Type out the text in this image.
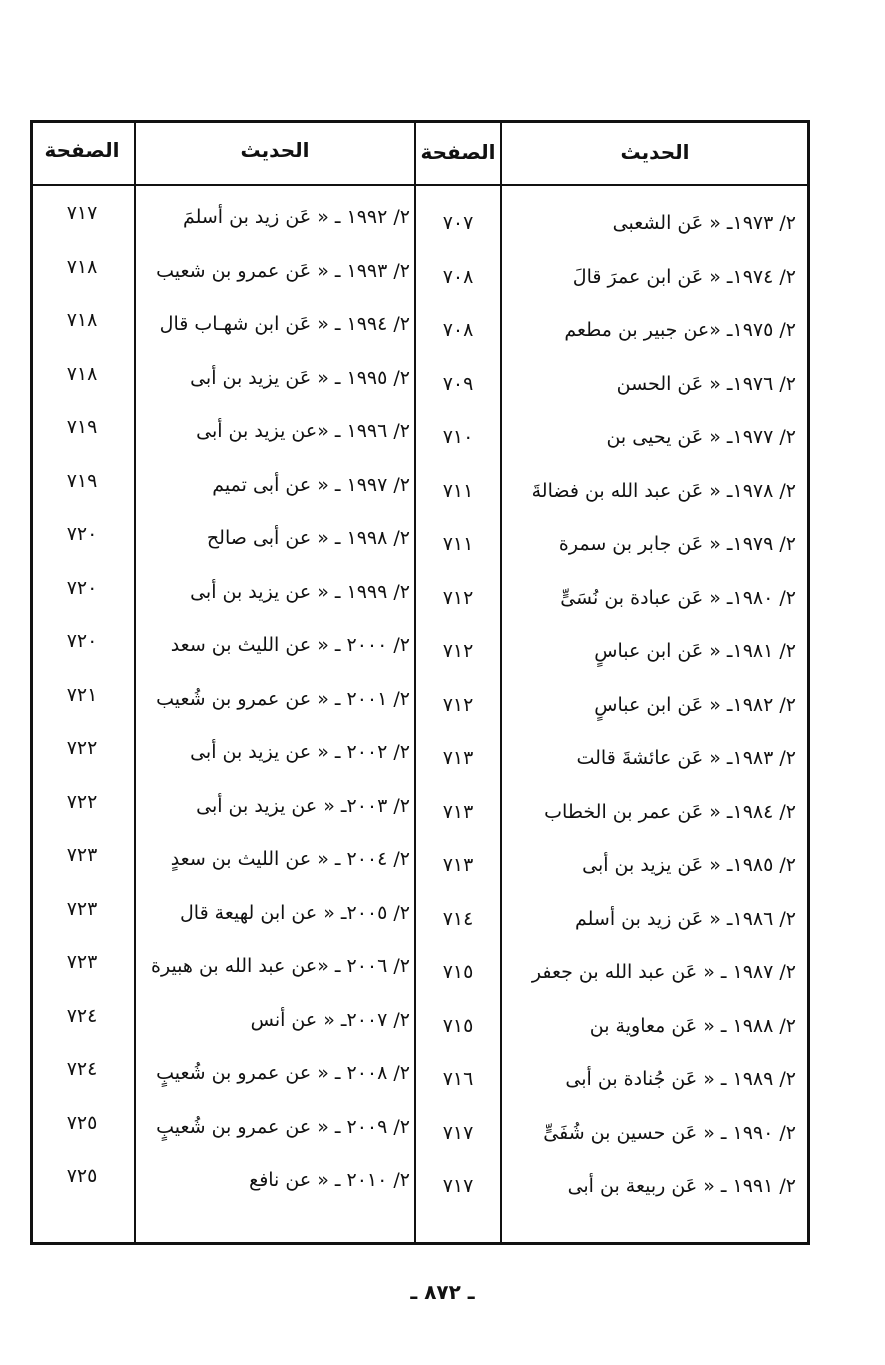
الحديث
الصفحة
الحديث
الصفحة
٢/ ١٩٧٣ـ « عَن الشعبى
٧٠٧
٢/ ١٩٧٤ـ « عَن ابن عمرَ قالَ
٧٠٨
٢/ ١٩٧٥ـ «عن جبير بن مطعم
٧٠٨
٢/ ١٩٧٦ـ « عَن الحسن
٧٠٩
٢/ ١٩٧٧ـ « عَن يحيى بن
٧١٠
٢/ ١٩٧٨ـ « عَن عبد الله بن فضالةَ
٧١١
٢/ ١٩٧٩ـ « عَن جابر بن سمرة
٧١١
٢/ ١٩٨٠ـ « عَن عبادة بن نُسَىٍّ
٧١٢
٢/ ١٩٨١ـ « عَن ابن عباسٍ
٧١٢
٢/ ١٩٨٢ـ « عَن ابن عباسٍ
٧١٢
٢/ ١٩٨٣ـ « عَن عائشةَ قالت
٧١٣
٢/ ١٩٨٤ـ « عَن عمر بن الخطاب
٧١٣
٢/ ١٩٨٥ـ « عَن يزيد بن أبى
٧١٣
٢/ ١٩٨٦ـ « عَن زيد بن أسلم
٧١٤
٢/ ١٩٨٧ ـ « عَن عبد الله بن جعفر
٧١٥
٢/ ١٩٨٨ ـ « عَن معاوية بن
٧١٥
٢/ ١٩٨٩ ـ « عَن جُنادة بن أبى
٧١٦
٢/ ١٩٩٠ ـ « عَن حسين بن شُفَىٍّ
٧١٧
٢/ ١٩٩١ ـ « عَن ربيعة بن أبى
٧١٧
٢/ ١٩٩٢ ـ « عَن زيد بن أسلمَ
٧١٧
٢/ ١٩٩٣ ـ « عَن عمرو بن شعيب
٧١٨
٢/ ١٩٩٤ ـ « عَن ابن شهـاب قال
٧١٨
٢/ ١٩٩٥ ـ « عَن يزيد بن أبى
٧١٨
٢/ ١٩٩٦ ـ «عن يزيد بن أبى
٧١٩
٢/ ١٩٩٧ ـ « عن أبى تميم
٧١٩
٢/ ١٩٩٨ ـ « عن أبى صالح
٧٢٠
٢/ ١٩٩٩ ـ « عن يزيد بن أبى
٧٢٠
٢/ ٢٠٠٠ ـ « عن الليث بن سعد
٧٢٠
٢/ ٢٠٠١ ـ « عن عمرو بن شُعيب
٧٢١
٢/ ٢٠٠٢ ـ « عن يزيد بن أبى
٧٢٢
٢/ ٢٠٠٣ـ « عن يزيد بن أبى
٧٢٢
٢/ ٢٠٠٤ ـ « عن الليث بن سعدٍ
٧٢٣
٢/ ٢٠٠٥ـ « عن ابن لهيعة قال
٧٢٣
٢/ ٢٠٠٦ ـ «عن عبد الله بن هبيرة
٧٢٣
٢/ ٢٠٠٧ـ « عن أنس
٧٢٤
٢/ ٢٠٠٨ ـ « عن عمرو بن شُعيبٍ
٧٢٤
٢/ ٢٠٠٩ ـ « عن عمرو بن شُعيبٍ
٧٢٥
٢/ ٢٠١٠ ـ « عن نافع
٧٢٥
ـ ٨٧٢ ـ
